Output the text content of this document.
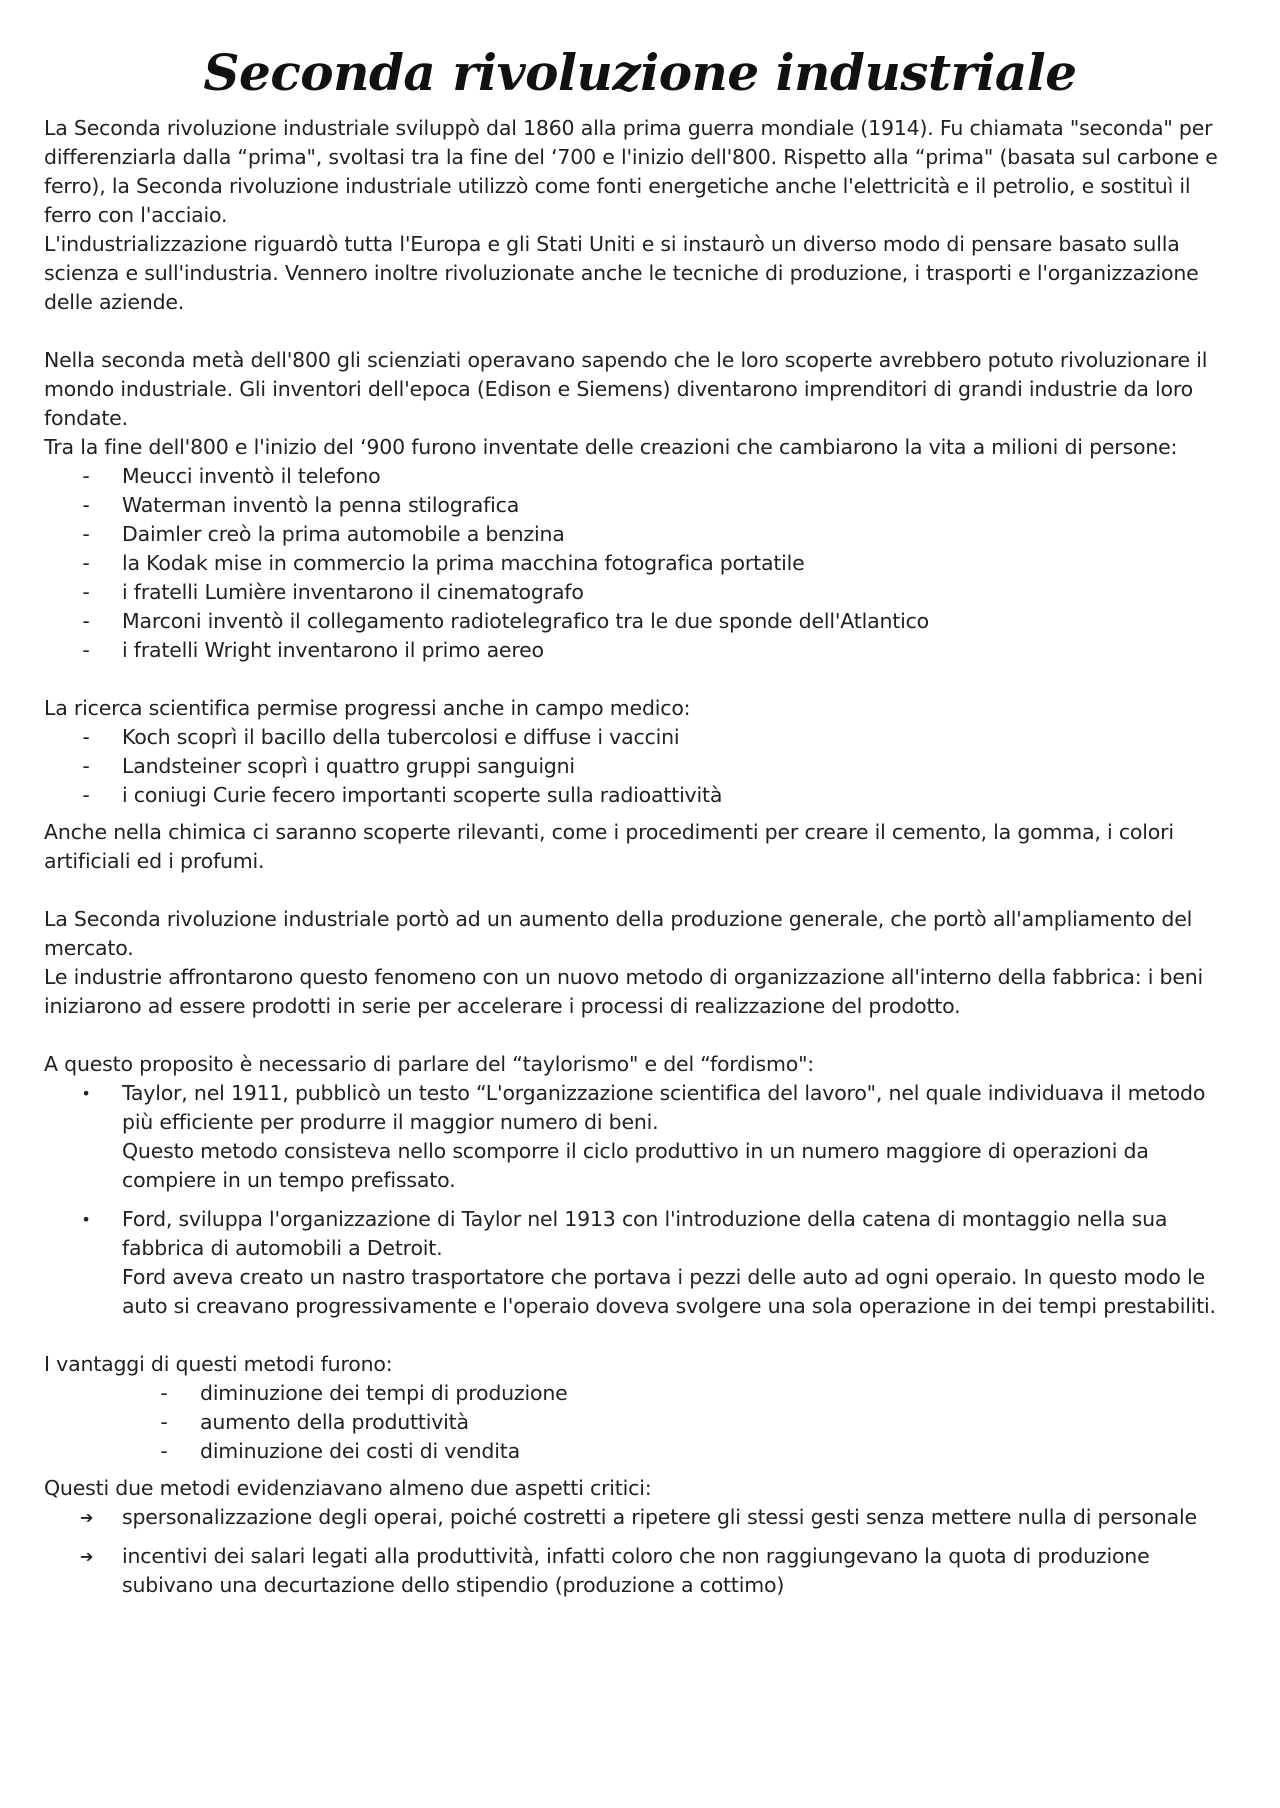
Seconda rivoluzione industriale

La Seconda rivoluzione industriale sviluppò dal 1860 alla prima guerra mondiale (1914). Fu chiamata "seconda" per differenziarla dalla “prima", svoltasi tra la fine del ‘700 e l'inizio dell'800. Rispetto alla “prima" (basata sul carbone e ferro), la Seconda rivoluzione industriale utilizzò come fonti energetiche anche l'elettricità e il petrolio, e sostituì il ferro con l'acciaio.

L'industrializzazione riguardò tutta l'Europa e gli Stati Uniti e si instaurò un diverso modo di pensare basato sulla scienza e sull'industria. Vennero inoltre rivoluzionate anche le tecniche di produzione, i trasporti e l'organizzazione delle aziende.

Nella seconda metà dell'800 gli scienziati operavano sapendo che le loro scoperte avrebbero potuto rivoluzionare il mondo industriale. Gli inventori dell'epoca (Edison e Siemens) diventarono imprenditori di grandi industrie da loro fondate.

Tra la fine dell'800 e l'inizio del ‘900 furono inventate delle creazioni che cambiarono la vita a milioni di persone:

- Meucci inventò il telefono
- Waterman inventò la penna stilografica
- Daimler creò la prima automobile a benzina
- la Kodak mise in commercio la prima macchina fotografica portatile
- i fratelli Lumière inventarono il cinematografo
- Marconi inventò il collegamento radiotelegrafico tra le due sponde dell'Atlantico
- i fratelli Wright inventarono il primo aereo

La ricerca scientifica permise progressi anche in campo medico:

- Koch scoprì il bacillo della tubercolosi e diffuse i vaccini
- Landsteiner scoprì i quattro gruppi sanguigni
- i coniugi Curie fecero importanti scoperte sulla radioattività

Anche nella chimica ci saranno scoperte rilevanti, come i procedimenti per creare il cemento, la gomma, i colori artificiali ed i profumi.

La Seconda rivoluzione industriale portò ad un aumento della produzione generale, che portò all'ampliamento del mercato.

Le industrie affrontarono questo fenomeno con un nuovo metodo di organizzazione all'interno della fabbrica: i beni iniziarono ad essere prodotti in serie per accelerare i processi di realizzazione del prodotto.

A questo proposito è necessario di parlare del “taylorismo" e del “fordismo":

• Taylor, nel 1911, pubblicò un testo “L'organizzazione scientifica del lavoro", nel quale individuava il metodo più efficiente per produrre il maggior numero di beni.
Questo metodo consisteva nello scomporre il ciclo produttivo in un numero maggiore di operazioni da compiere in un tempo prefissato.
• Ford, sviluppa l'organizzazione di Taylor nel 1913 con l'introduzione della catena di montaggio nella sua fabbrica di automobili a Detroit.
Ford aveva creato un nastro trasportatore che portava i pezzi delle auto ad ogni operaio. In questo modo le auto si creavano progressivamente e l'operaio doveva svolgere una sola operazione in dei tempi prestabiliti.

I vantaggi di questi metodi furono:

- diminuzione dei tempi di produzione
- aumento della produttività
- diminuzione dei costi di vendita

Questi due metodi evidenziavano almeno due aspetti critici:

➔ spersonalizzazione degli operai, poiché costretti a ripetere gli stessi gesti senza mettere nulla di personale
➔ incentivi dei salari legati alla produttività, infatti coloro che non raggiungevano la quota di produzione subivano una decurtazione dello stipendio (produzione a cottimo)
